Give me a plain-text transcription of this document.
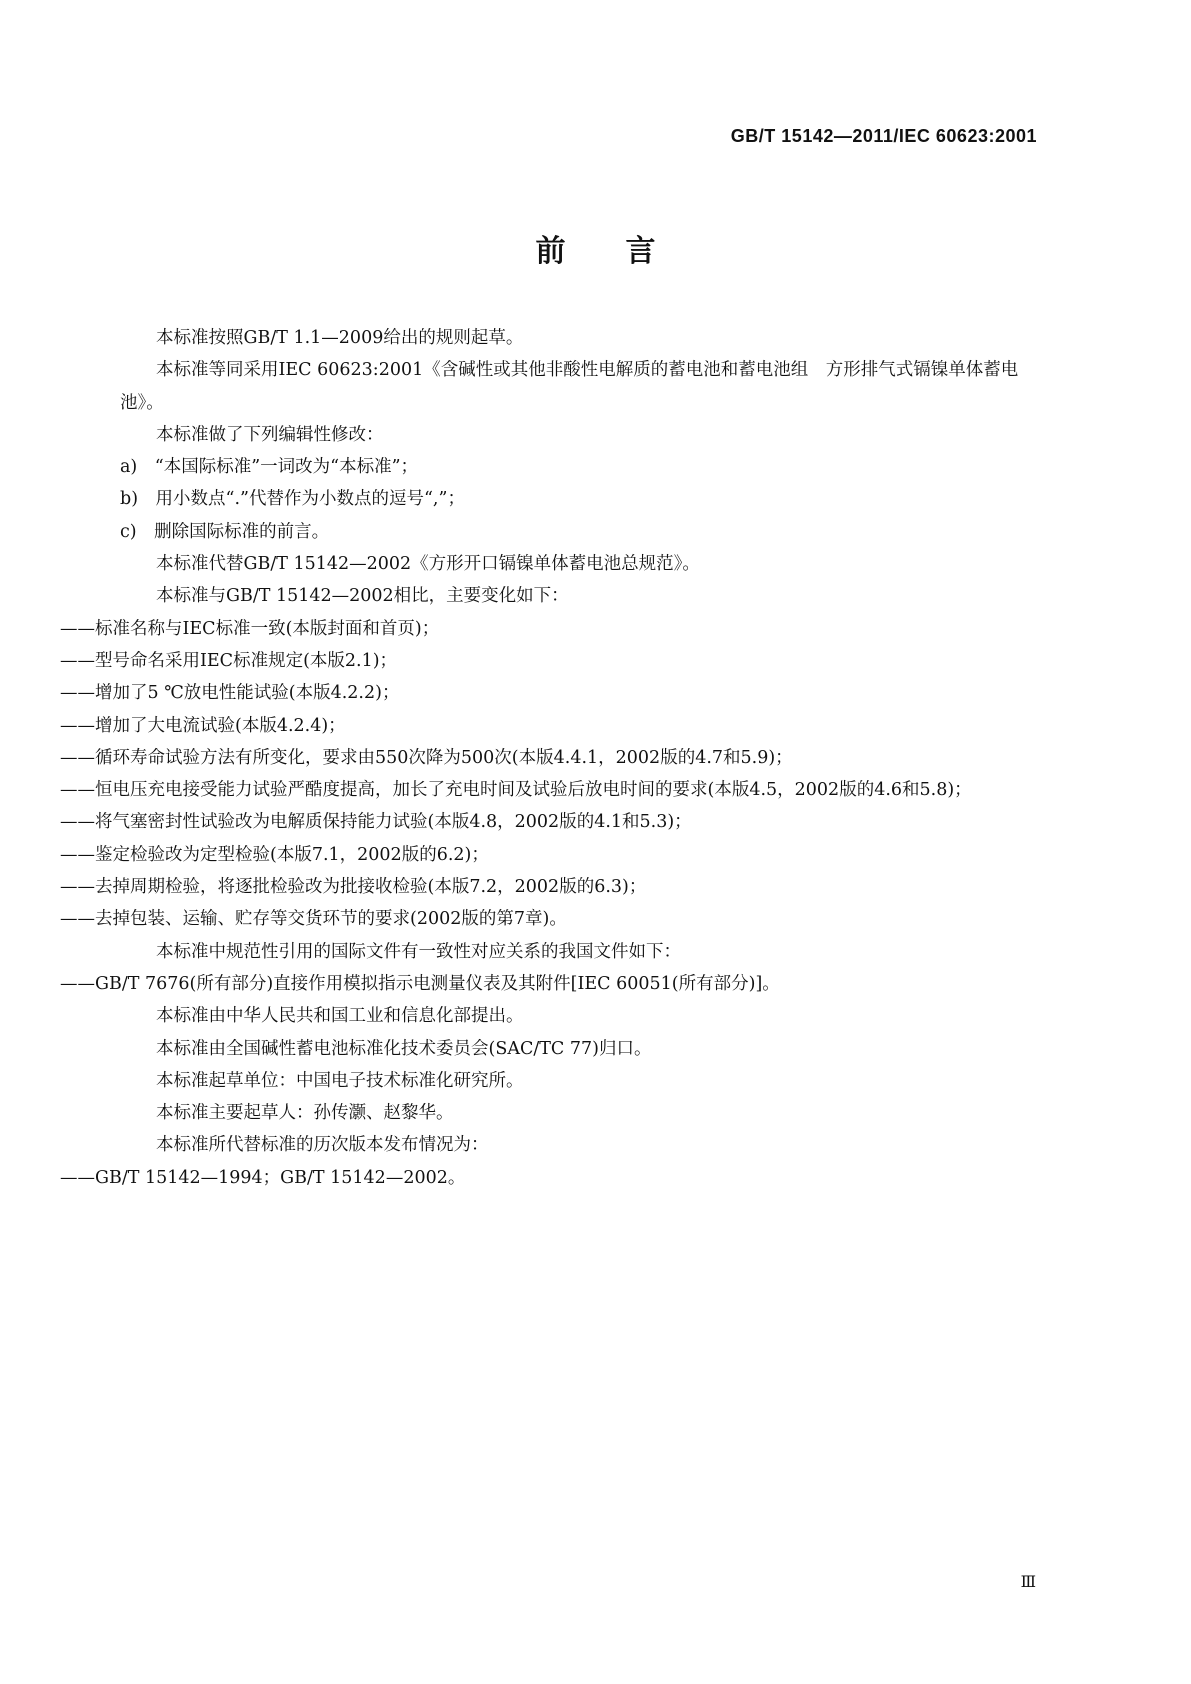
GB/T 15142—2011/IEC 60623:2001
前言

本标准按照GB/T 1.1—2009给出的规则起草。

本标准等同采用IEC 60623:2001《含碱性或其他非酸性电解质的蓄电池和蓄电池组　方形排气式镉镍单体蓄电池》。

本标准做了下列编辑性修改：

a)　“本国际标准”一词改为“本标准”；

b)　用小数点“.”代替作为小数点的逗号“,”；

c)　删除国际标准的前言。

本标准代替GB/T 15142—2002《方形开口镉镍单体蓄电池总规范》。

本标准与GB/T 15142—2002相比，主要变化如下：

——标准名称与IEC标准一致(本版封面和首页)；

——型号命名采用IEC标准规定(本版2.1)；

——增加了5 ℃放电性能试验(本版4.2.2)；

——增加了大电流试验(本版4.2.4)；

——循环寿命试验方法有所变化，要求由550次降为500次(本版4.4.1，2002版的4.7和5.9)；

——恒电压充电接受能力试验严酷度提高，加长了充电时间及试验后放电时间的要求(本版4.5，2002版的4.6和5.8)；

——将气塞密封性试验改为电解质保持能力试验(本版4.8，2002版的4.1和5.3)；

——鉴定检验改为定型检验(本版7.1，2002版的6.2)；

——去掉周期检验，将逐批检验改为批接收检验(本版7.2，2002版的6.3)；

——去掉包装、运输、贮存等交货环节的要求(2002版的第7章)。

本标准中规范性引用的国际文件有一致性对应关系的我国文件如下：

——GB/T 7676(所有部分)直接作用模拟指示电测量仪表及其附件[IEC 60051(所有部分)]。

本标准由中华人民共和国工业和信息化部提出。

本标准由全国碱性蓄电池标准化技术委员会(SAC/TC 77)归口。

本标准起草单位：中国电子技术标准化研究所。

本标准主要起草人：孙传灏、赵黎华。

本标准所代替标准的历次版本发布情况为：

——GB/T 15142—1994；GB/T 15142—2002。

Ⅲ
